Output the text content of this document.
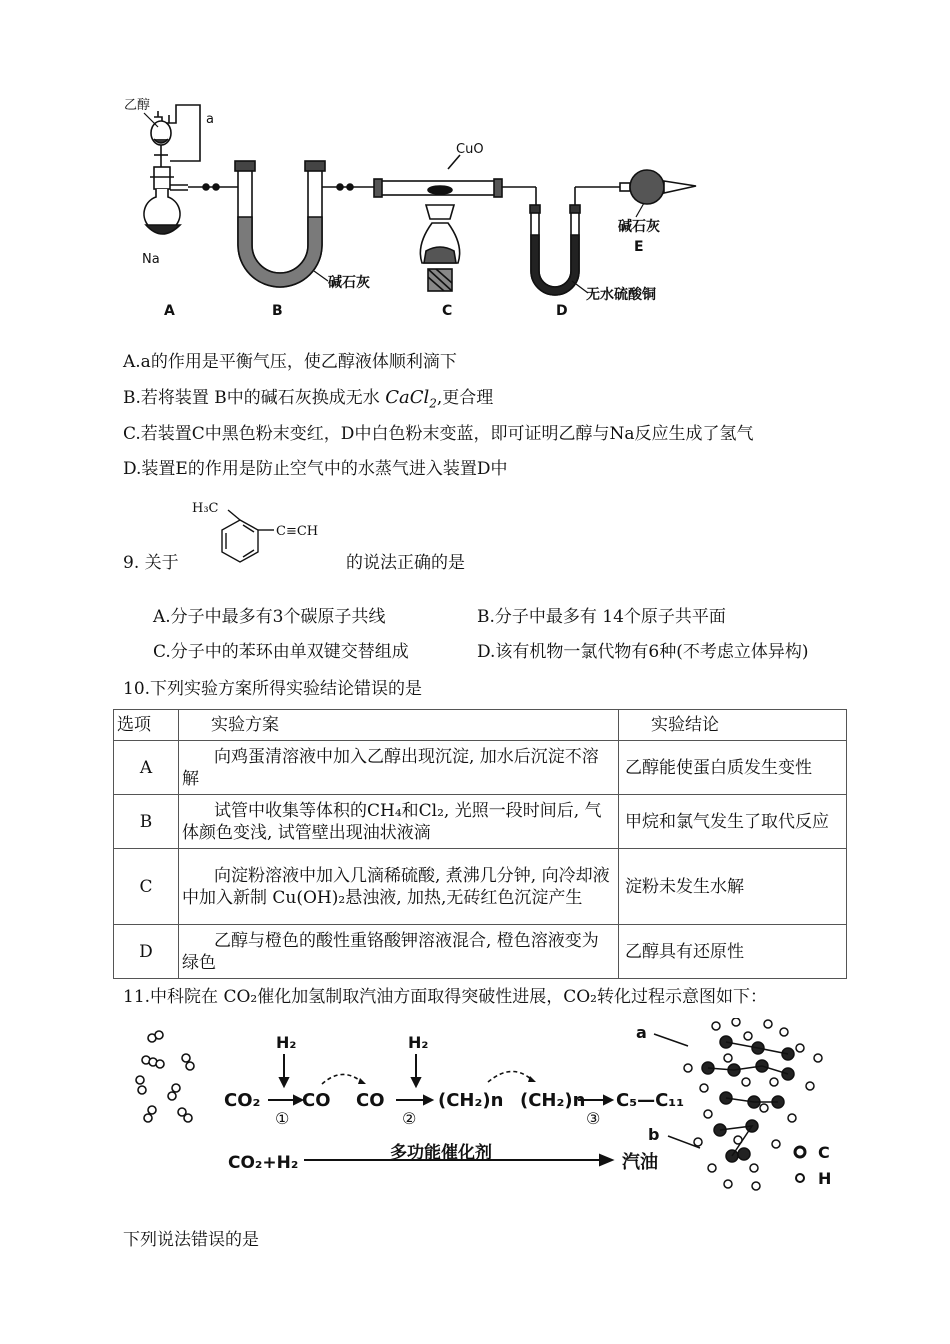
乙醇
a
Na
CuO
碱石灰
无水硫酸铜
碱石灰
E
A	B	C	D
A.a的作用是平衡气压，使乙醇液体顺利滴下
B.若将装置 B中的碱石灰换成无水 CaCl$_2$,更合理
C.若装置C中黑色粉末变红，D中白色粉末变蓝，即可证明乙醇与Na反应生成了氢气
D.装置E的作用是防止空气中的水蒸气进入装置D中
9. 关于
H₃C
C≡CH
的说法正确的是
A.分子中最多有3个碳原子共线	B.分子中最多有 14个原子共平面
C.分子中的苯环由单双键交替组成	D.该有机物一氯代物有6种(不考虑立体异构)
10.下列实验方案所得实验结论错误的是
选项	实验方案	实验结论
A	向鸡蛋清溶液中加入乙醇出现沉淀, 加水后沉淀不溶解	乙醇能使蛋白质发生变性
B	试管中收集等体积的CH₄和Cl₂, 光照一段时间后, 气体颜色变浅, 试管壁出现油状液滴	甲烷和氯气发生了取代反应
C	向淀粉溶液中加入几滴稀硫酸, 煮沸几分钟, 向冷却液中加入新制 Cu(OH)₂悬浊液, 加热,无砖红色沉淀产生	淀粉未发生水解
D	乙醇与橙色的酸性重铬酸钾溶液混合, 橙色溶液变为绿色	乙醇具有还原性
11.中科院在 CO₂催化加氢制取汽油方面取得突破性进展，CO₂转化过程示意图如下：
CO₂
H₂
CO CO
H₂
(CH₂)n (CH₂)n C₅—C₁₁
CO₂+H₂	多功能催化剂	汽油
①	②	③
a
b
C
H
下列说法错误的是
